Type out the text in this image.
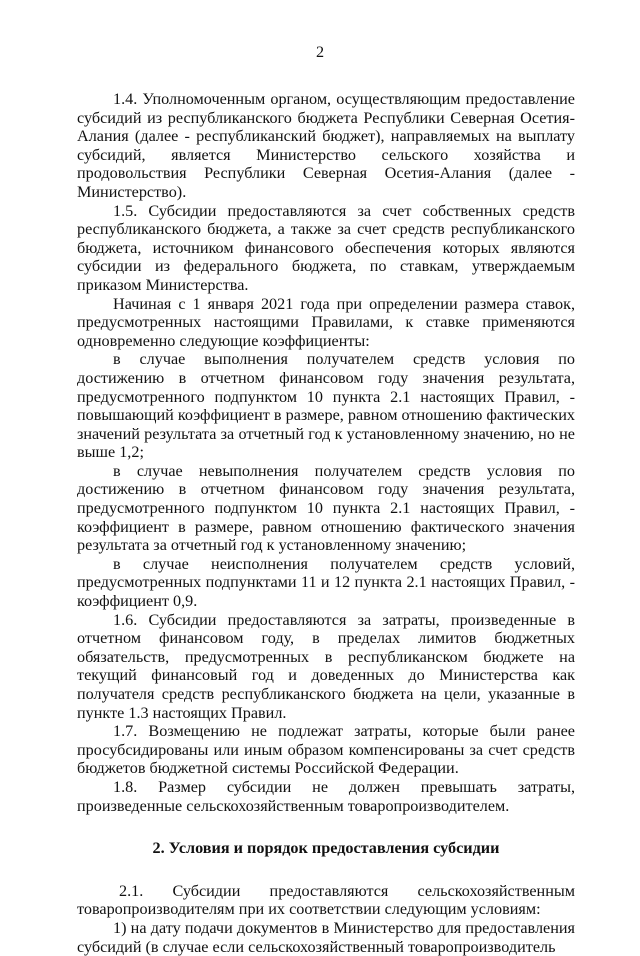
2

1.4. Уполномоченным органом, осуществляющим предоставление субсидий из республиканского бюджета Республики Северная Осетия-Алания (далее - республиканский бюджет), направляемых на выплату субсидий, является Министерство сельского хозяйства и продовольствия Республики Северная Осетия-Алания (далее - Министерство).

1.5. Субсидии предоставляются за счет собственных средств республиканского бюджета, а также за счет средств республиканского бюджета, источником финансового обеспечения которых являются субсидии из федерального бюджета, по ставкам, утверждаемым приказом Министерства.

Начиная с 1 января 2021 года при определении размера ставок, предусмотренных настоящими Правилами, к ставке применяются одновременно следующие коэффициенты:

в случае выполнения получателем средств условия по достижению в отчетном финансовом году значения результата, предусмотренного подпунктом 10 пункта 2.1 настоящих Правил, - повышающий коэффициент в размере, равном отношению фактических значений результата за отчетный год к установленному значению, но не выше 1,2;

в случае невыполнения получателем средств условия по достижению в отчетном финансовом году значения результата, предусмотренного подпунктом 10 пункта 2.1 настоящих Правил, - коэффициент в размере, равном отношению фактического значения результата за отчетный год к установленному значению;

в случае неисполнения получателем средств условий, предусмотренных подпунктами 11 и 12 пункта 2.1 настоящих Правил, - коэффициент 0,9.

1.6. Субсидии предоставляются за затраты, произведенные в отчетном финансовом году, в пределах лимитов бюджетных обязательств, предусмотренных в республиканском бюджете на текущий финансовый год и доведенных до Министерства как получателя средств республиканского бюджета на цели, указанные в пункте 1.3 настоящих Правил.

1.7. Возмещению не подлежат затраты, которые были ранее просубсидированы или иным образом компенсированы за счет средств бюджетов бюджетной системы Российской Федерации.

1.8. Размер субсидии не должен превышать затраты, произведенные сельскохозяйственным товаропроизводителем.

2. Условия и порядок предоставления субсидии

2.1. Субсидии предоставляются сельскохозяйственным товаропроизводителям при их соответствии следующим условиям:

1) на дату подачи документов в Министерство для предоставления субсидий (в случае если сельскохозяйственный товаропроизводитель
